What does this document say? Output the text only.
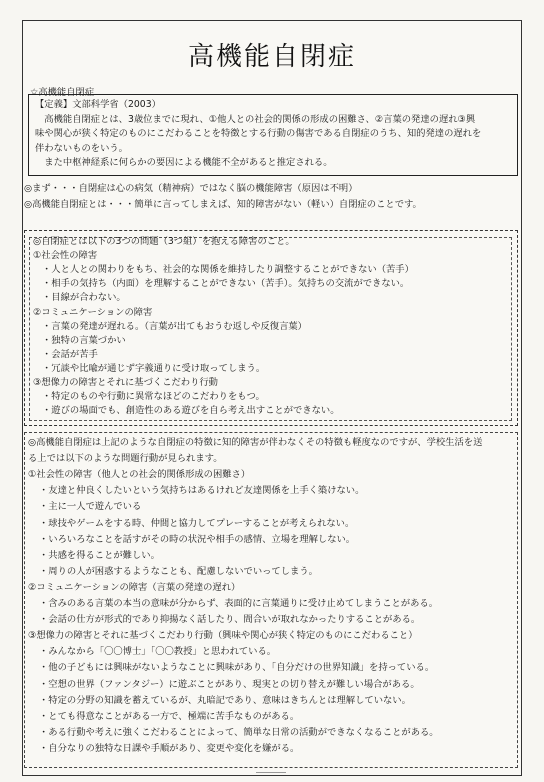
高機能自閉症
☆高機能自閉症
【定義】文部科学省（2003）
　高機能自閉症とは、3歳位までに現れ、①他人との社会的関係の形成の困難さ、②言葉の発達の遅れ③興
味や関心が狭く特定のものにこだわることを特徴とする行動の傷害である自閉症のうち、知的発達の遅れを
伴わないものをいう。
　また中枢神経系に何らかの要因による機能不全があると推定される。
◎まず・・・自閉症は心の病気（精神病）ではなく脳の機能障害（原因は不明）
◎高機能自閉症とは・・・簡単に言ってしまえば、知的障害がない（軽い）自閉症のことです。
◎自閉症とは以下の3つの問題（3つ組）を抱える障害のこと。
①社会性の障害
・人と人との関わりをもち、社会的な関係を維持したり調整することができない（苦手）
・相手の気持ち（内面）を理解することができない（苦手）。気持ちの交流ができない。
・目線が合わない。
②コミュニケーションの障害
・言葉の発達が遅れる。（言葉が出てもおうむ返しや反復言葉）
・独特の言葉づかい
・会話が苦手
・冗談や比喩が通じず字義通りに受け取ってしまう。
③想像力の障害とそれに基づくこだわり行動
・特定のものや行動に異常なほどのこだわりをもつ。
・遊びの場面でも、創造性のある遊びを自ら考え出すことができない。
◎高機能自閉症は上記のような自閉症の特徴に知的障害が伴わなくその特徴も軽度なのですが、学校生活を送
る上では以下のような問題行動が見られます。
①社会性の障害（他人との社会的関係形成の困難さ）
・友達と仲良くしたいという気持ちはあるけれど友達関係を上手く築けない。
・主に一人で遊んでいる
・球技やゲームをする時、仲間と協力してプレーすることが考えられない。
・いろいろなことを話すがその時の状況や相手の感情、立場を理解しない。
・共感を得ることが難しい。
・周りの人が困惑するようなことも、配慮しないでいってしまう。
②コミュニケーションの障害（言葉の発達の遅れ）
・含みのある言葉の本当の意味が分からず、表面的に言葉通りに受け止めてしまうことがある。
・会話の仕方が形式的であり抑揚なく話したり、間合いが取れなかったりすることがある。
③想像力の障害とそれに基づくこだわり行動（興味や関心が狭く特定のものにこだわること）
・みんなから「〇〇博士」「〇〇教授」と思われている。
・他の子どもには興味がないようなことに興味があり、「自分だけの世界知識」を持っている。
・空想の世界（ファンタジー）に遊ぶことがあり、現実との切り替えが難しい場合がある。
・特定の分野の知識を蓄えているが、丸暗記であり、意味はきちんとは理解していない。
・とても得意なことがある一方で、極端に苦手なものがある。
・ある行動や考えに強くこだわることによって、簡単な日常の活動ができなくなることがある。
・自分なりの独特な日課や手順があり、変更や変化を嫌がる。
